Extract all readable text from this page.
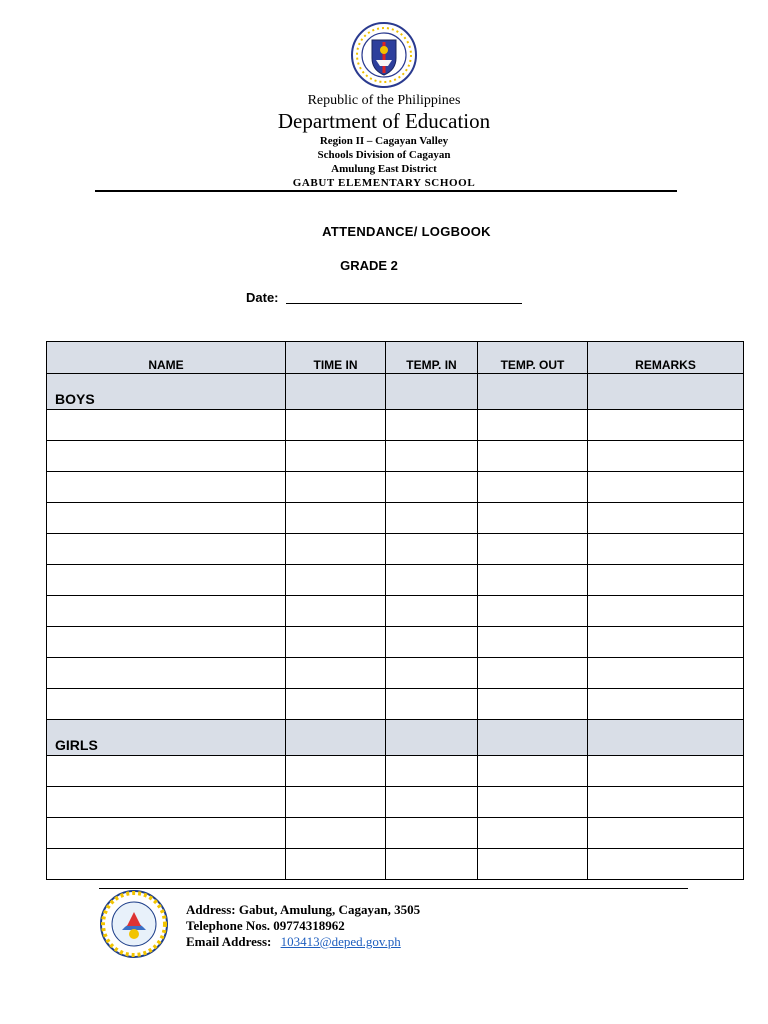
Republic of the Philippines
Department of Education
Region II – Cagayan Valley
Schools Division of Cagayan
Amulung East District
GABUT ELEMENTARY SCHOOL
ATTENDANCE/ LOGBOOK
GRADE 2
Date:
NAME	TIME IN	TEMP. IN	TEMP. OUT	REMARKS
BOYS				

GIRLS				

Address: Gabut, Amulung, Cagayan, 3505
Telephone Nos. 09774318962
Email Address: 103413@deped.gov.ph
